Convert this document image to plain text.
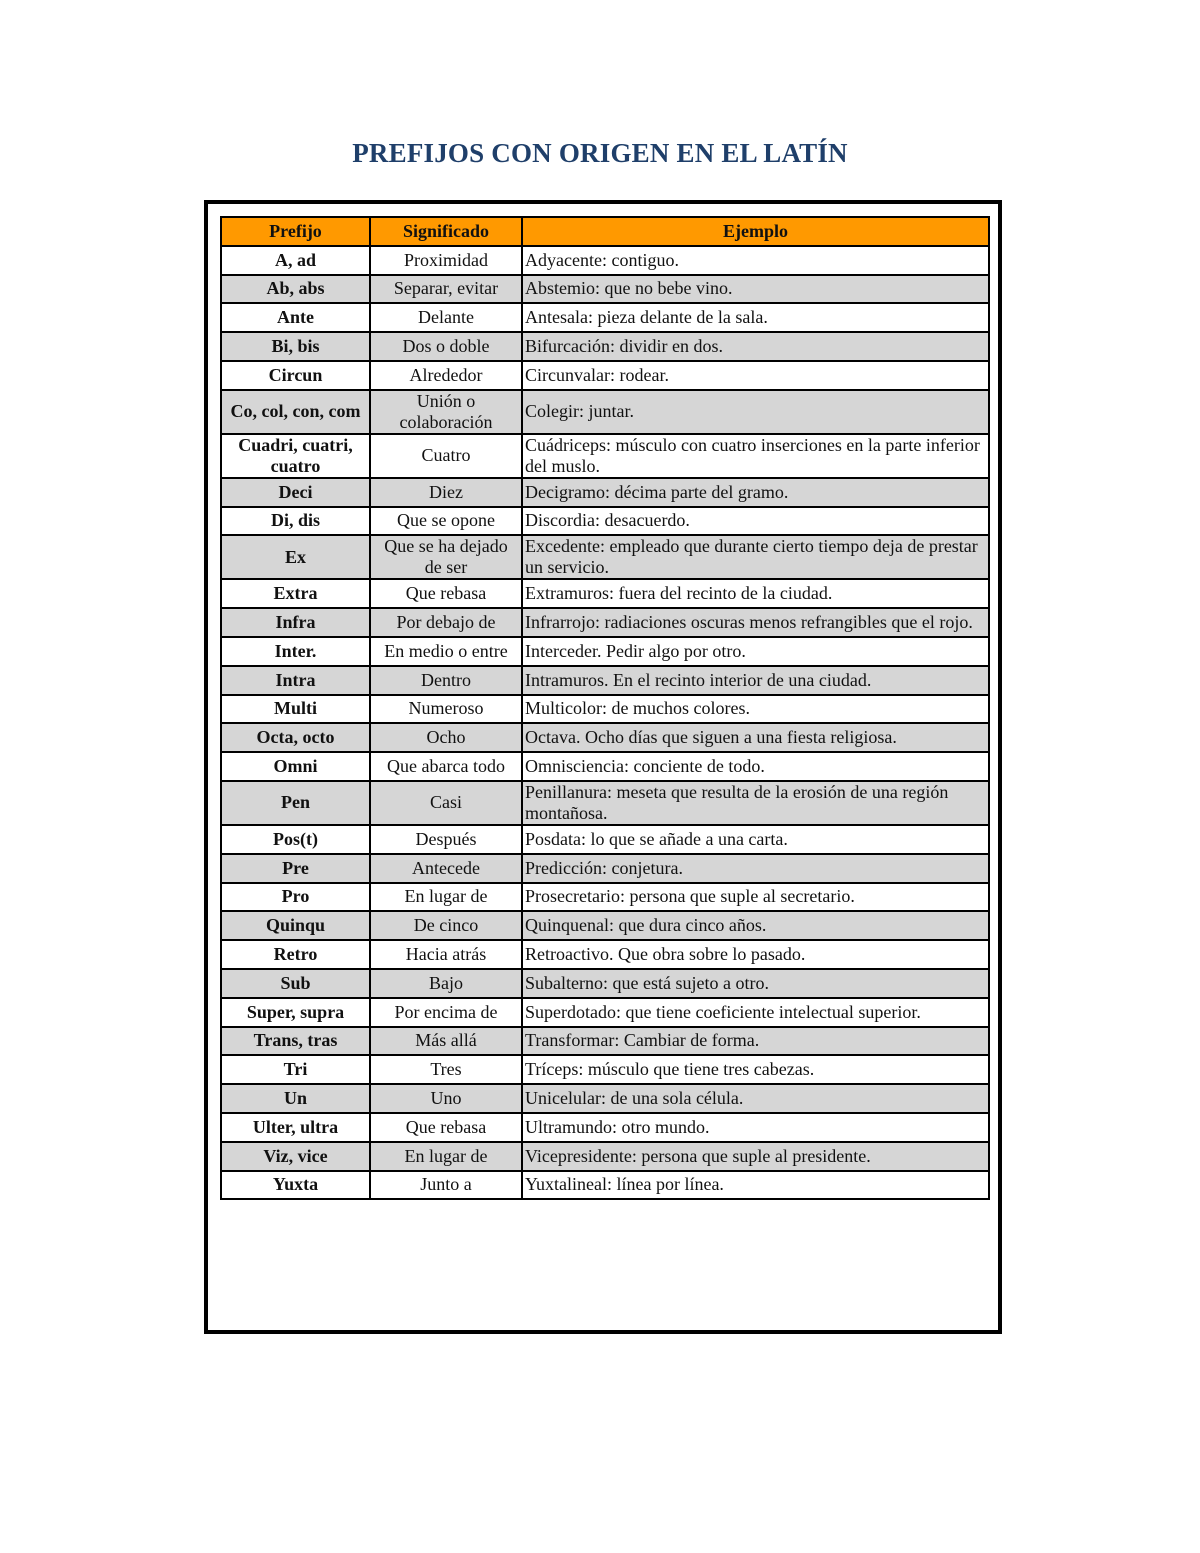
PREFIJOS CON ORIGEN EN EL LATÍN
Prefijo	Significado	Ejemplo
A, ad	Proximidad	Adyacente: contiguo.
Ab, abs	Separar, evitar	Abstemio: que no bebe vino.
Ante	Delante	Antesala: pieza delante de la sala.
Bi, bis	Dos o doble	Bifurcación: dividir en dos.
Circun	Alrededor	Circunvalar: rodear.
Co, col, con, com	Unión o colaboración	Colegir: juntar.
Cuadri, cuatri, cuatro	Cuatro	Cuádriceps: músculo con cuatro inserciones en la parte inferior del muslo.
Deci	Diez	Decigramo: décima parte del gramo.
Di, dis	Que se opone	Discordia: desacuerdo.
Ex	Que se ha dejado de ser	Excedente: empleado que durante cierto tiempo deja de prestar un servicio.
Extra	Que rebasa	Extramuros: fuera del recinto de la ciudad.
Infra	Por debajo de	Infrarrojo: radiaciones oscuras menos refrangibles que el rojo.
Inter.	En medio o entre	Interceder. Pedir algo por otro.
Intra	Dentro	Intramuros. En el recinto interior de una ciudad.
Multi	Numeroso	Multicolor: de muchos colores.
Octa, octo	Ocho	Octava. Ocho días que siguen a una fiesta religiosa.
Omni	Que abarca todo	Omnisciencia: conciente de todo.
Pen	Casi	Penillanura: meseta que resulta de la erosión de una región montañosa.
Pos(t)	Después	Posdata: lo que se añade a una carta.
Pre	Antecede	Predicción: conjetura.
Pro	En lugar de	Prosecretario: persona que suple al secretario.
Quinqu	De cinco	Quinquenal: que dura cinco años.
Retro	Hacia atrás	Retroactivo. Que obra sobre lo pasado.
Sub	Bajo	Subalterno: que está sujeto a otro.
Super, supra	Por encima de	Superdotado: que tiene coeficiente intelectual superior.
Trans, tras	Más allá	Transformar: Cambiar de forma.
Tri	Tres	Tríceps: músculo que tiene tres cabezas.
Un	Uno	Unicelular: de una sola célula.
Ulter, ultra	Que rebasa	Ultramundo: otro mundo.
Viz, vice	En lugar de	Vicepresidente: persona que suple al presidente.
Yuxta	Junto a	Yuxtalineal: línea por línea.
